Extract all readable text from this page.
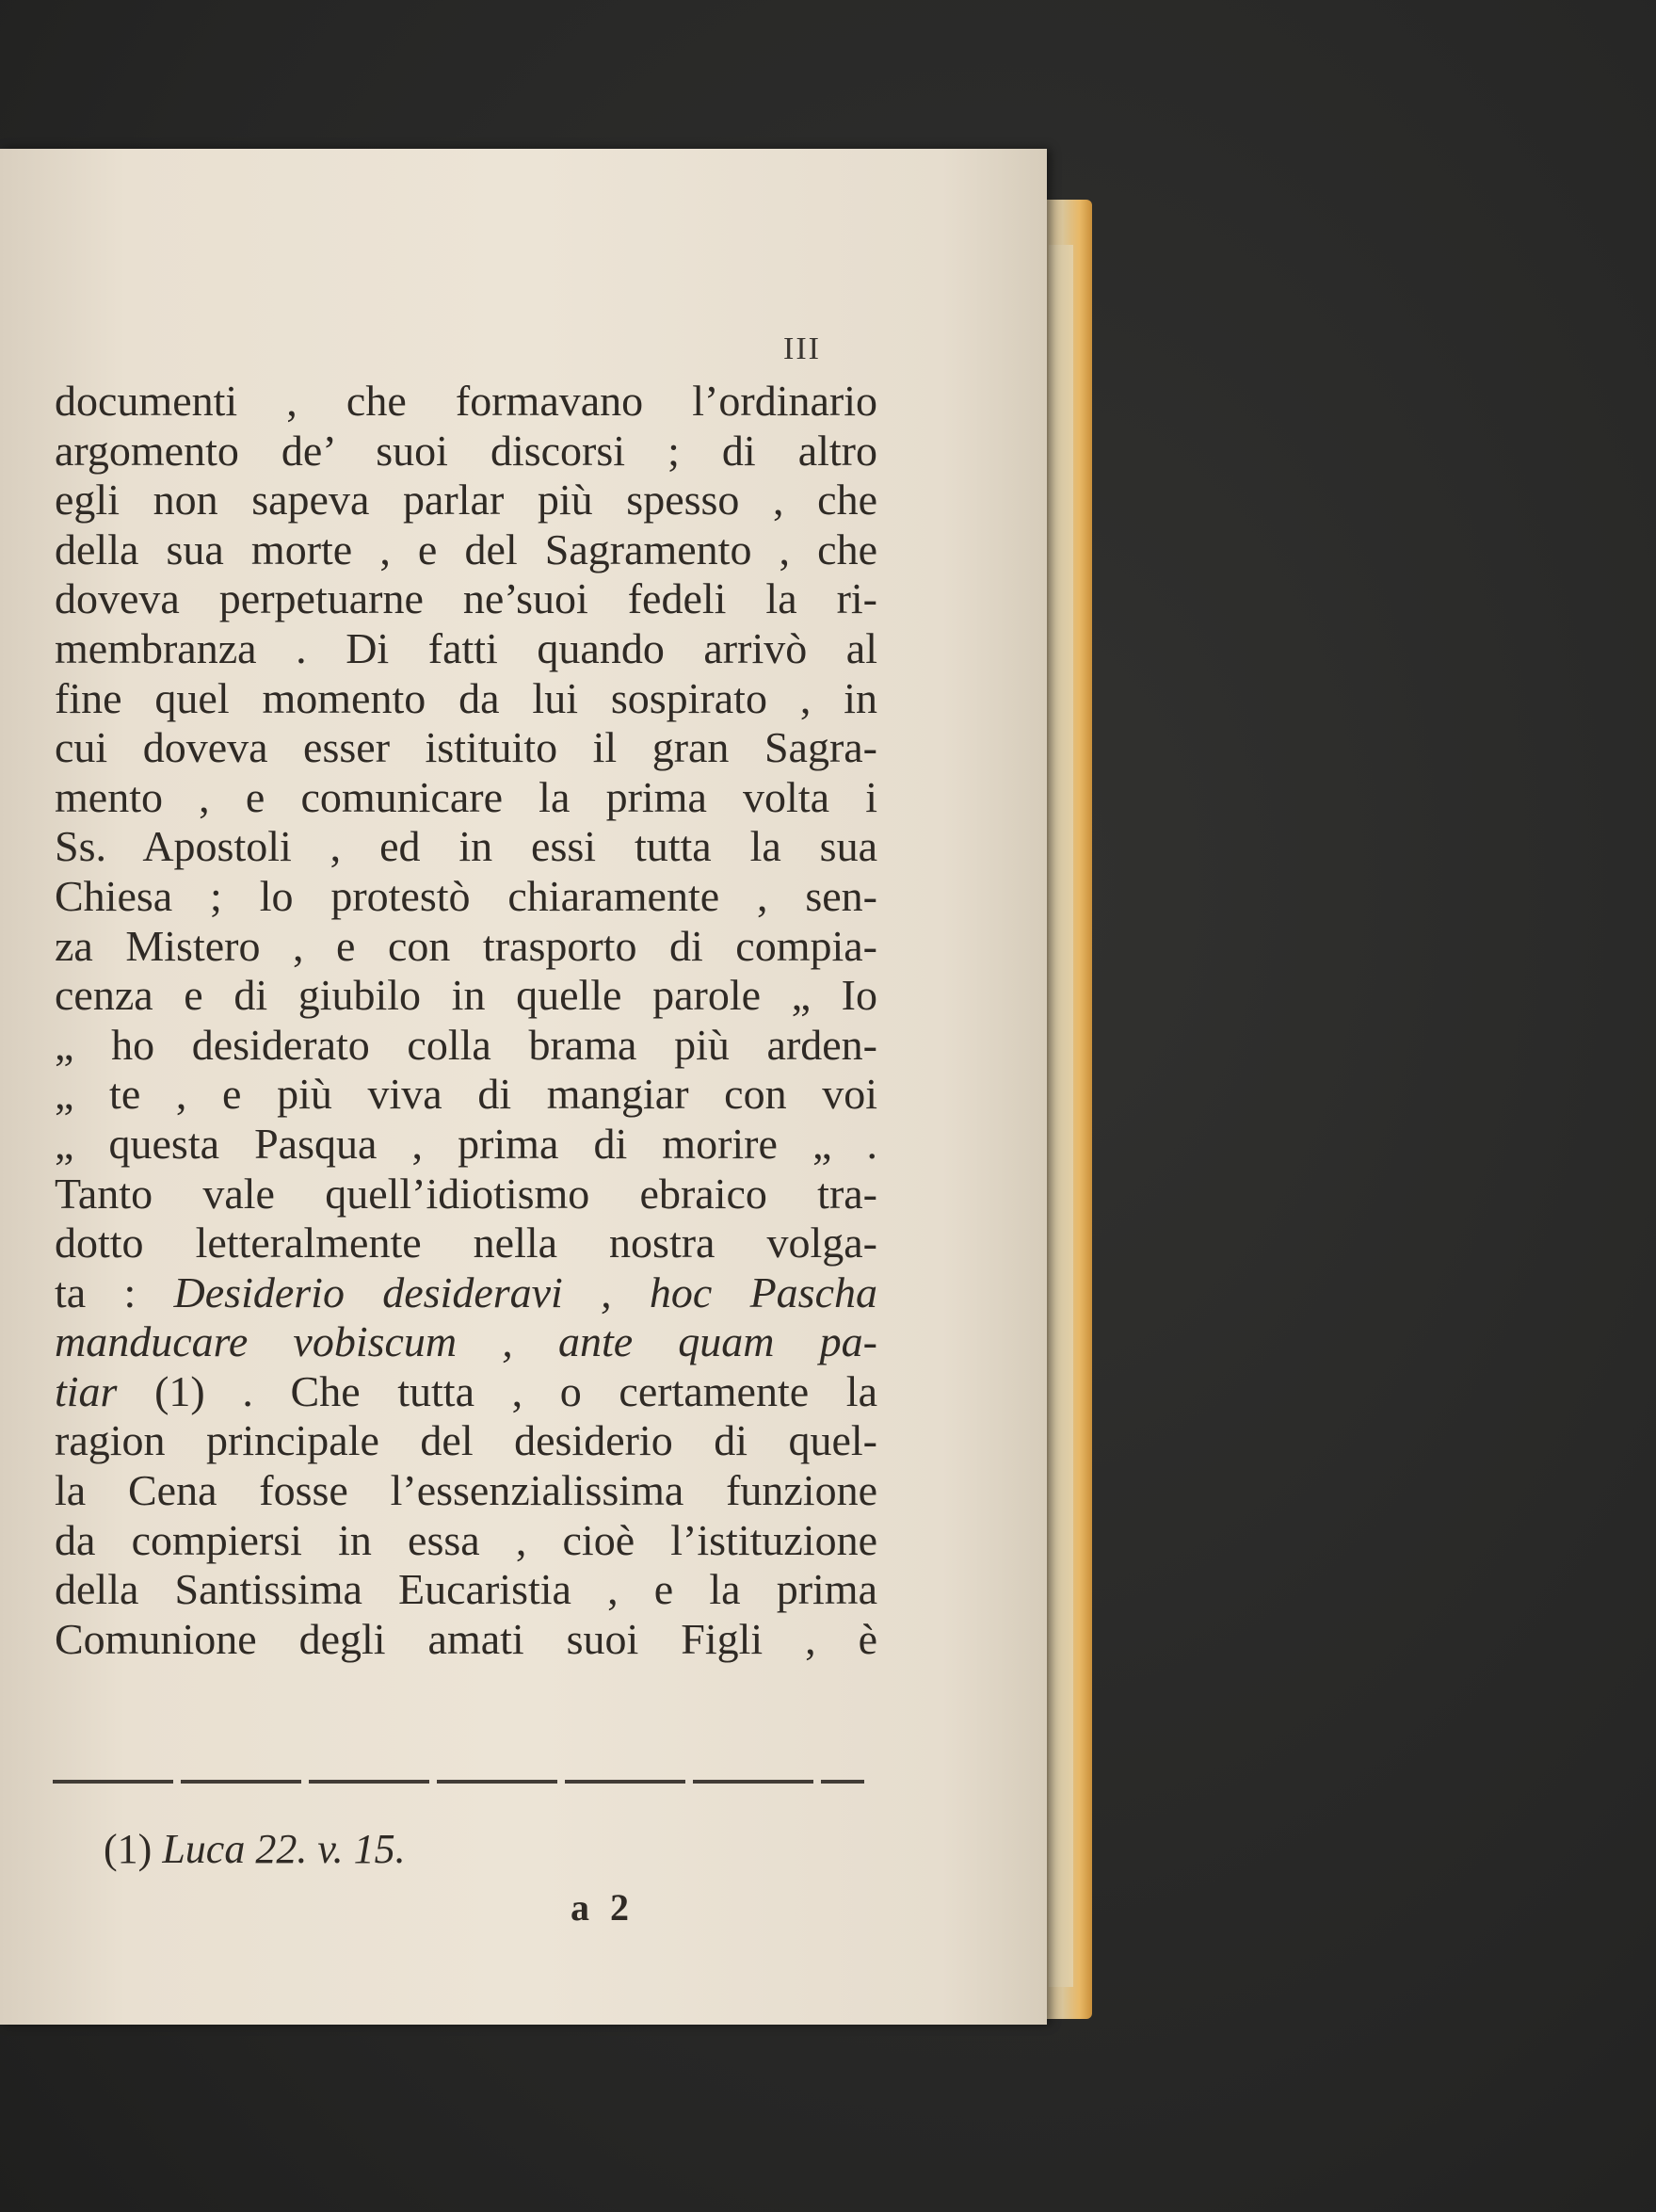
III
documenti , che formavano l’ordinario
argomento de’ suoi discorsi ; di altro
egli non sapeva parlar più spesso , che
della sua morte , e del Sagramento , che
doveva perpetuarne ne’suoi fedeli la ri-
membranza . Di fatti quando arrivò al
fine quel momento da lui sospirato , in
cui doveva esser istituito il gran Sagra-
mento , e comunicare la prima volta i
Ss. Apostoli , ed in essi tutta la sua
Chiesa ; lo protestò chiaramente , sen-
za Mistero , e con trasporto di compia-
cenza e di giubilo in quelle parole „ Io
„ ho desiderato colla brama più arden-
„ te , e più viva di mangiar con voi
„ questa Pasqua , prima di morire „ .
Tanto vale quell’idiotismo ebraico tra-
dotto letteralmente nella nostra volga-
ta : Desiderio desideravi , hoc Pascha
manducare vobiscum , ante quam pa-
tiar (1) . Che tutta , o certamente la
ragion principale del desiderio di quel-
la Cena fosse l’essenzialissima funzione
da compiersi in essa , cioè l’istituzione
della Santissima Eucaristia , e la prima
Comunione degli amati suoi Figli , è
(1) Luca 22. v. 15.
a 2
